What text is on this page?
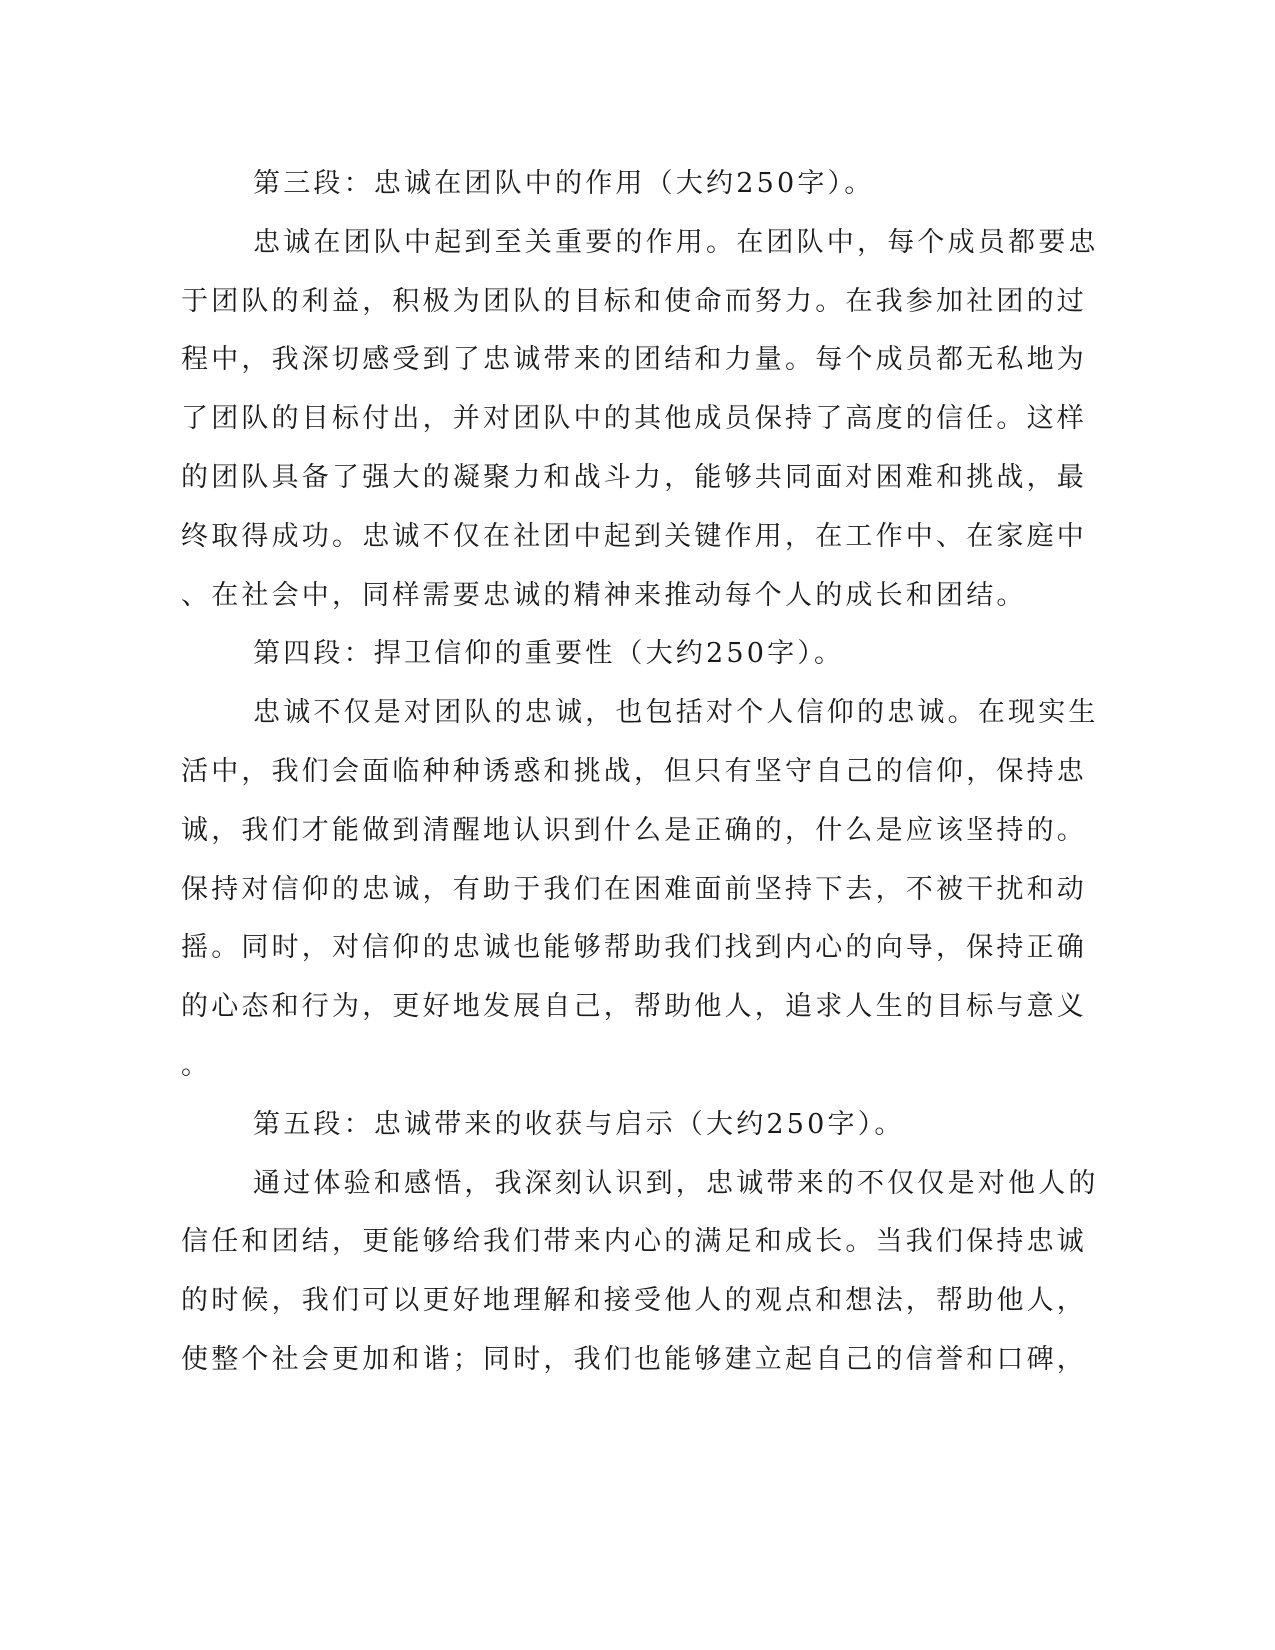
第三段：忠诚在团队中的作用（大约250字）。
忠诚在团队中起到至关重要的作用。在团队中，每个成员都要忠
于团队的利益，积极为团队的目标和使命而努力。在我参加社团的过
程中，我深切感受到了忠诚带来的团结和力量。每个成员都无私地为
了团队的目标付出，并对团队中的其他成员保持了高度的信任。这样
的团队具备了强大的凝聚力和战斗力，能够共同面对困难和挑战，最
终取得成功。忠诚不仅在社团中起到关键作用，在工作中、在家庭中
、在社会中，同样需要忠诚的精神来推动每个人的成长和团结。
第四段：捍卫信仰的重要性（大约250字）。
忠诚不仅是对团队的忠诚，也包括对个人信仰的忠诚。在现实生
活中，我们会面临种种诱惑和挑战，但只有坚守自己的信仰，保持忠
诚，我们才能做到清醒地认识到什么是正确的，什么是应该坚持的。
保持对信仰的忠诚，有助于我们在困难面前坚持下去，不被干扰和动
摇。同时，对信仰的忠诚也能够帮助我们找到内心的向导，保持正确
的心态和行为，更好地发展自己，帮助他人，追求人生的目标与意义
。
第五段：忠诚带来的收获与启示（大约250字）。
通过体验和感悟，我深刻认识到，忠诚带来的不仅仅是对他人的
信任和团结，更能够给我们带来内心的满足和成长。当我们保持忠诚
的时候，我们可以更好地理解和接受他人的观点和想法，帮助他人，
使整个社会更加和谐；同时，我们也能够建立起自己的信誉和口碑，
